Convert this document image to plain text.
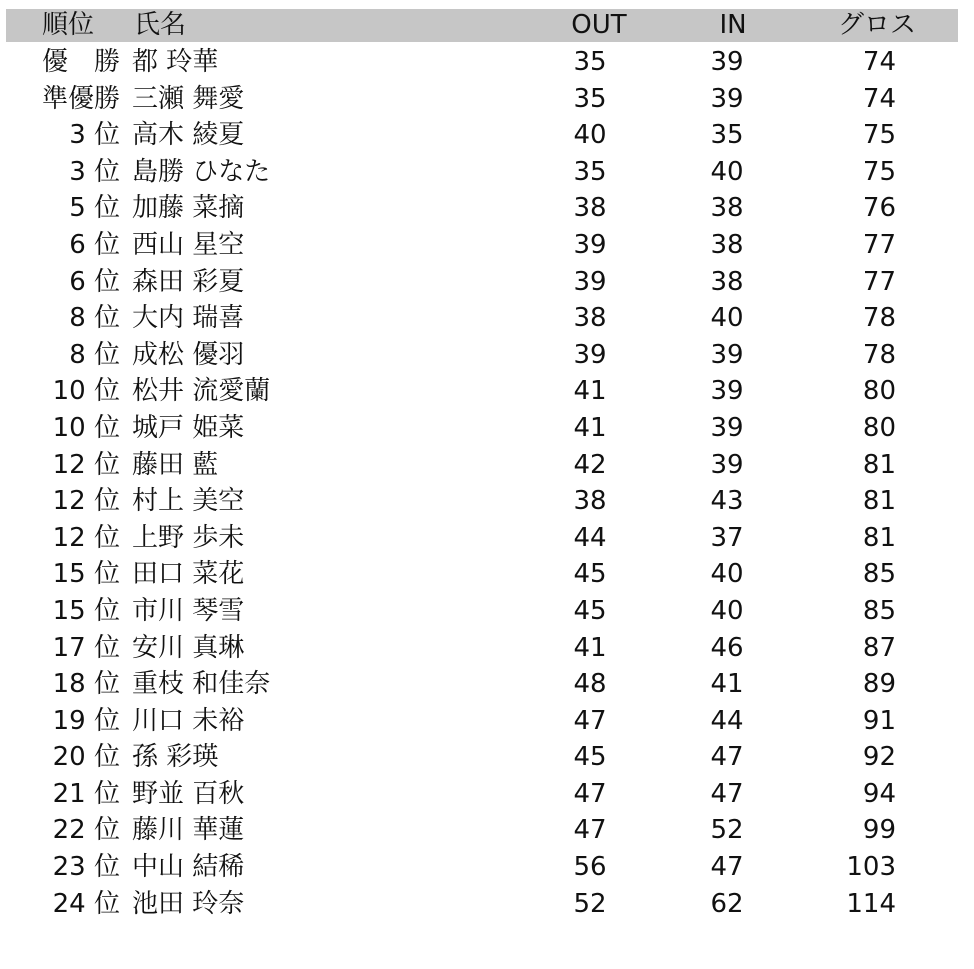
順位 氏名	OUT	IN	グロス
優　勝 都 玲華	35	39	74
準優勝 三瀬 舞愛	35	39	74
3 位 高木 綾夏	40	35	75
3 位 島勝 ひなた	35	40	75
5 位 加藤 菜摘	38	38	76
6 位 西山 星空	39	38	77
6 位 森田 彩夏	39	38	77
8 位 大内 瑞喜	38	40	78
8 位 成松 優羽	39	39	78
10 位 松井 流愛蘭	41	39	80
10 位 城戸 姫菜	41	39	80
12 位 藤田 藍	42	39	81
12 位 村上 美空	38	43	81
12 位 上野 歩未	44	37	81
15 位 田口 菜花	45	40	85
15 位 市川 琴雪	45	40	85
17 位 安川 真琳	41	46	87
18 位 重枝 和佳奈	48	41	89
19 位 川口 未裕	47	44	91
20 位 孫 彩瑛	45	47	92
21 位 野並 百秋	47	47	94
22 位 藤川 華蓮	47	52	99
23 位 中山 結稀	56	47	103
24 位 池田 玲奈	52	62	114
